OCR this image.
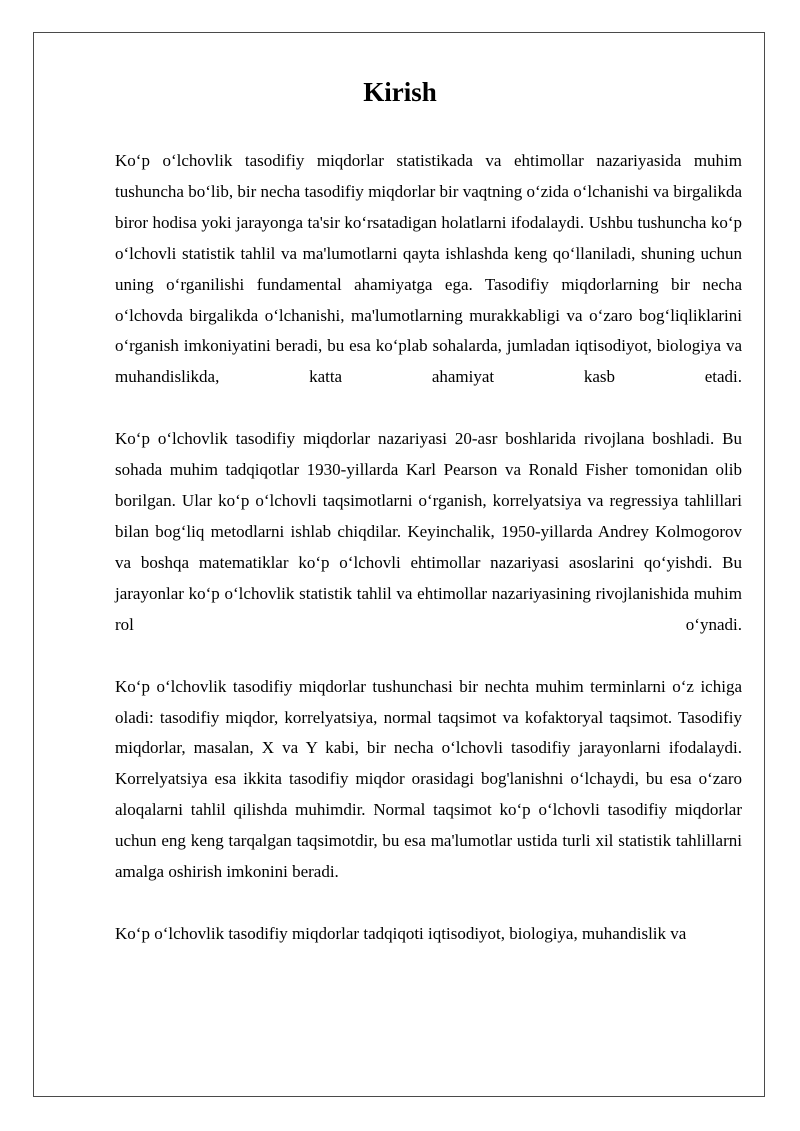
Kirish

Ko‘p o‘lchovlik tasodifiy miqdorlar statistikada va ehtimollar nazariyasida muhim tushuncha bo‘lib, bir necha tasodifiy miqdorlar bir vaqtning o‘zida o‘lchanishi va birgalikda biror hodisa yoki jarayonga ta'sir ko‘rsatadigan holatlarni ifodalaydi. Ushbu tushuncha ko‘p o‘lchovli statistik tahlil va ma'lumotlarni qayta ishlashda keng qo‘llaniladi, shuning uchun uning o‘rganilishi fundamental ahamiyatga ega. Tasodifiy miqdorlarning bir necha o‘lchovda birgalikda o‘lchanishi, ma'lumotlarning murakkabligi va o‘zaro bog‘liqliklarini o‘rganish imkoniyatini beradi, bu esa ko‘plab sohalarda, jumladan iqtisodiyot, biologiya va muhandislikda, katta ahamiyat kasb etadi.

Ko‘p o‘lchovlik tasodifiy miqdorlar nazariyasi 20-asr boshlarida rivojlana boshladi. Bu sohada muhim tadqiqotlar 1930-yillarda Karl Pearson va Ronald Fisher tomonidan olib borilgan. Ular ko‘p o‘lchovli taqsimotlarni o‘rganish, korrelyatsiya va regressiya tahlillari bilan bog‘liq metodlarni ishlab chiqdilar. Keyinchalik, 1950-yillarda Andrey Kolmogorov va boshqa matematiklar ko‘p o‘lchovli ehtimollar nazariyasi asoslarini qo‘yishdi. Bu jarayonlar ko‘p o‘lchovlik statistik tahlil va ehtimollar nazariyasining rivojlanishida muhim rol o‘ynadi.

Ko‘p o‘lchovlik tasodifiy miqdorlar tushunchasi bir nechta muhim terminlarni o‘z ichiga oladi: tasodifiy miqdor, korrelyatsiya, normal taqsimot va kofaktoryal taqsimot. Tasodifiy miqdorlar, masalan, X va Y kabi, bir necha o‘lchovli tasodifiy jarayonlarni ifodalaydi. Korrelyatsiya esa ikkita tasodifiy miqdor orasidagi bog'lanishni o‘lchaydi, bu esa o‘zaro aloqalarni tahlil qilishda muhimdir. Normal taqsimot ko‘p o‘lchovli tasodifiy miqdorlar uchun eng keng tarqalgan taqsimotdir, bu esa ma'lumotlar ustida turli xil statistik tahlillarni amalga oshirish imkonini beradi.

Ko‘p o‘lchovlik tasodifiy miqdorlar tadqiqoti iqtisodiyot, biologiya, muhandislik va
